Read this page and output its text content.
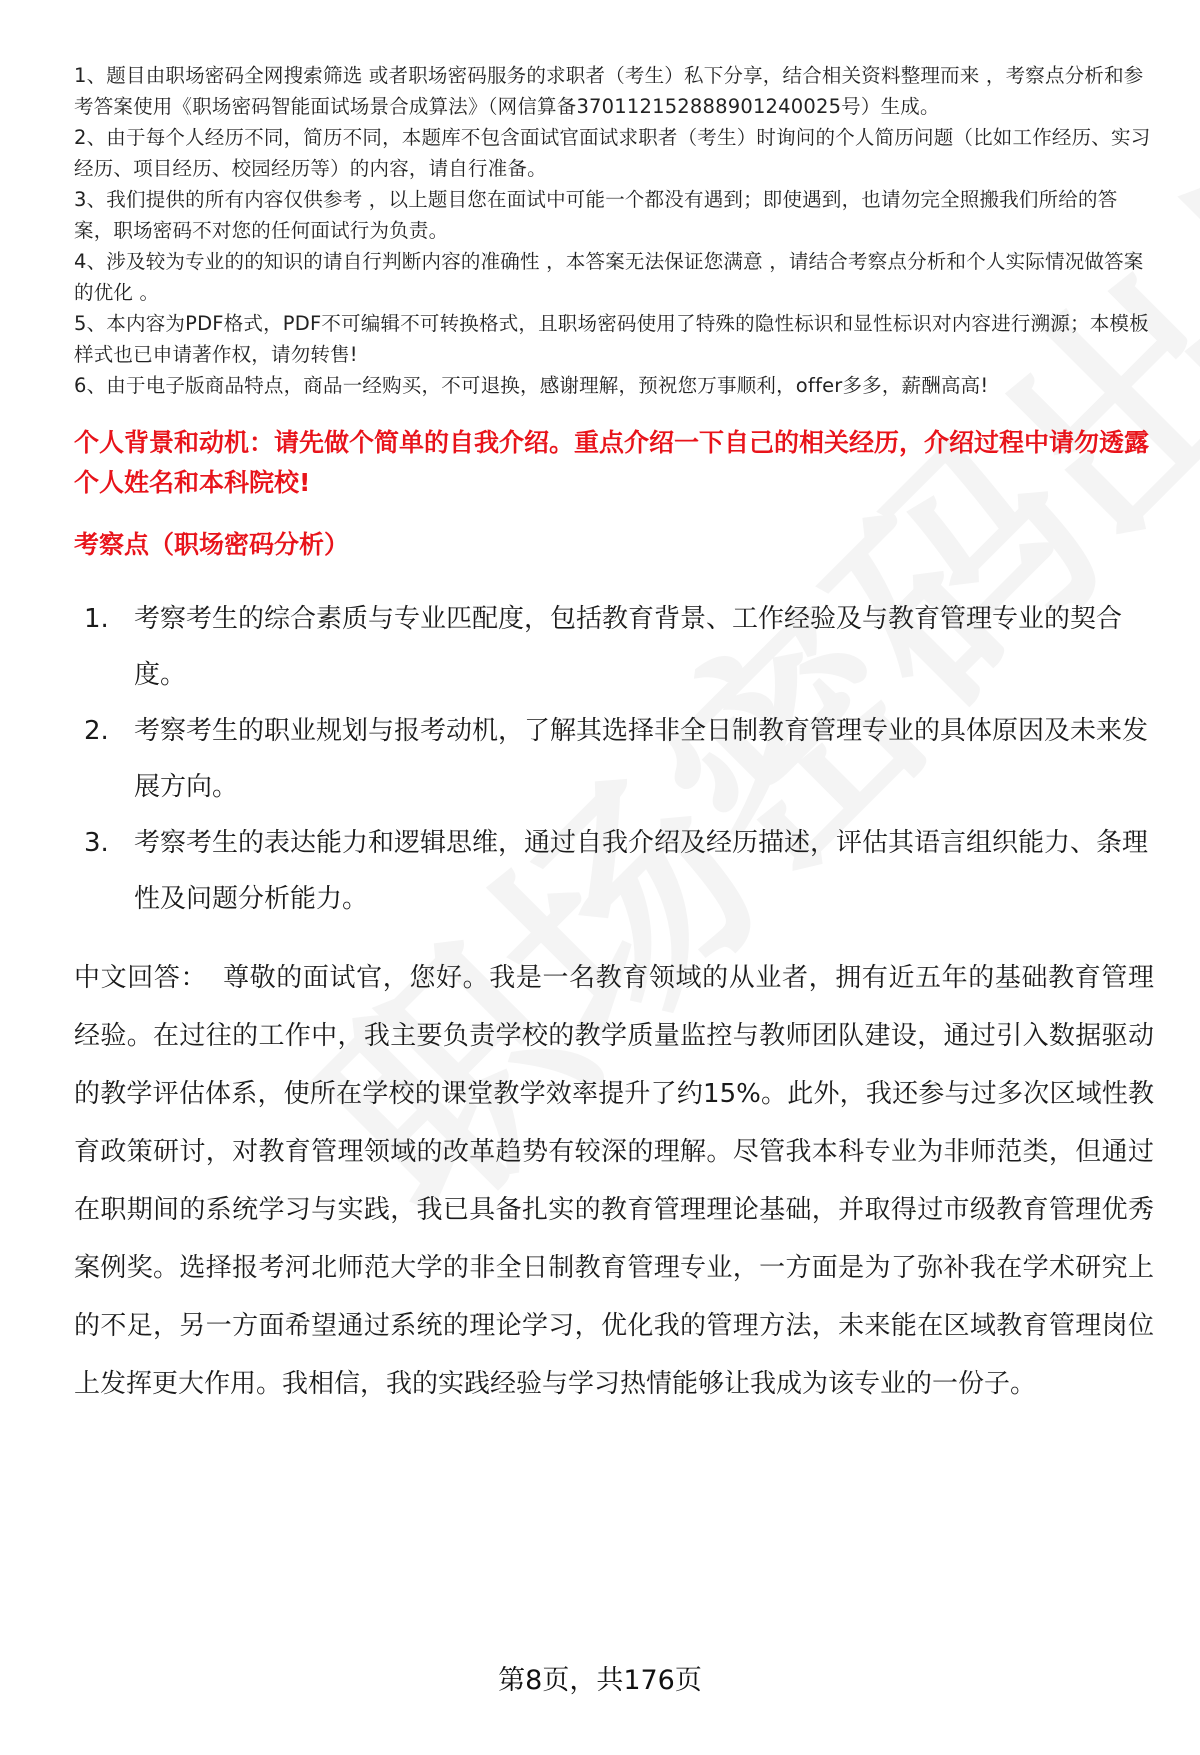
1、题目由职场密码全网搜索筛选 或者职场密码服务的求职者（考生）私下分享，结合相关资料整理而来 ，考察点分析和参考答案使用《职场密码智能面试场景合成算法》（网信算备370112152888901240025号）生成。
2、由于每个人经历不同，简历不同，本题库不包含面试官面试求职者（考生）时询问的个人简历问题（比如工作经历、实习经历、项目经历、校园经历等）的内容，请自行准备。
3、我们提供的所有内容仅供参考 ，以上题目您在面试中可能一个都没有遇到；即使遇到，也请勿完全照搬我们所给的答案，职场密码不对您的任何面试行为负责。
4、涉及较为专业的的知识的请自行判断内容的准确性 ，本答案无法保证您满意 ，请结合考察点分析和个人实际情况做答案的优化 。
5、本内容为PDF格式，PDF不可编辑不可转换格式，且职场密码使用了特殊的隐性标识和显性标识对内容进行溯源；本模板样式也已申请著作权，请勿转售!
6、由于电子版商品特点，商品一经购买，不可退换，感谢理解，预祝您万事顺利，offer多多，薪酬高高!
个人背景和动机：请先做个简单的自我介绍。重点介绍一下自己的相关经历，介绍过程中请勿透露个人姓名和本科院校!
考察点（职场密码分析）
1. 考察考生的综合素质与专业匹配度，包括教育背景、工作经验及与教育管理专业的契合度。
2. 考察考生的职业规划与报考动机，了解其选择非全日制教育管理专业的具体原因及未来发展方向。
3. 考察考生的表达能力和逻辑思维，通过自我介绍及经历描述，评估其语言组织能力、条理性及问题分析能力。
中文回答： 尊敬的面试官，您好。我是一名教育领域的从业者，拥有近五年的基础教育管理经验。在过往的工作中，我主要负责学校的教学质量监控与教师团队建设，通过引入数据驱动的教学评估体系，使所在学校的课堂教学效率提升了约15%。此外，我还参与过多次区域性教育政策研讨，对教育管理领域的改革趋势有较深的理解。尽管我本科专业为非师范类，但通过在职期间的系统学习与实践，我已具备扎实的教育管理理论基础，并取得过市级教育管理优秀案例奖。选择报考河北师范大学的非全日制教育管理专业，一方面是为了弥补我在学术研究上的不足，另一方面希望通过系统的理论学习，优化我的管理方法，未来能在区域教育管理岗位上发挥更大作用。我相信，我的实践经验与学习热情能够让我成为该专业的一份子。
第8页，共176页
